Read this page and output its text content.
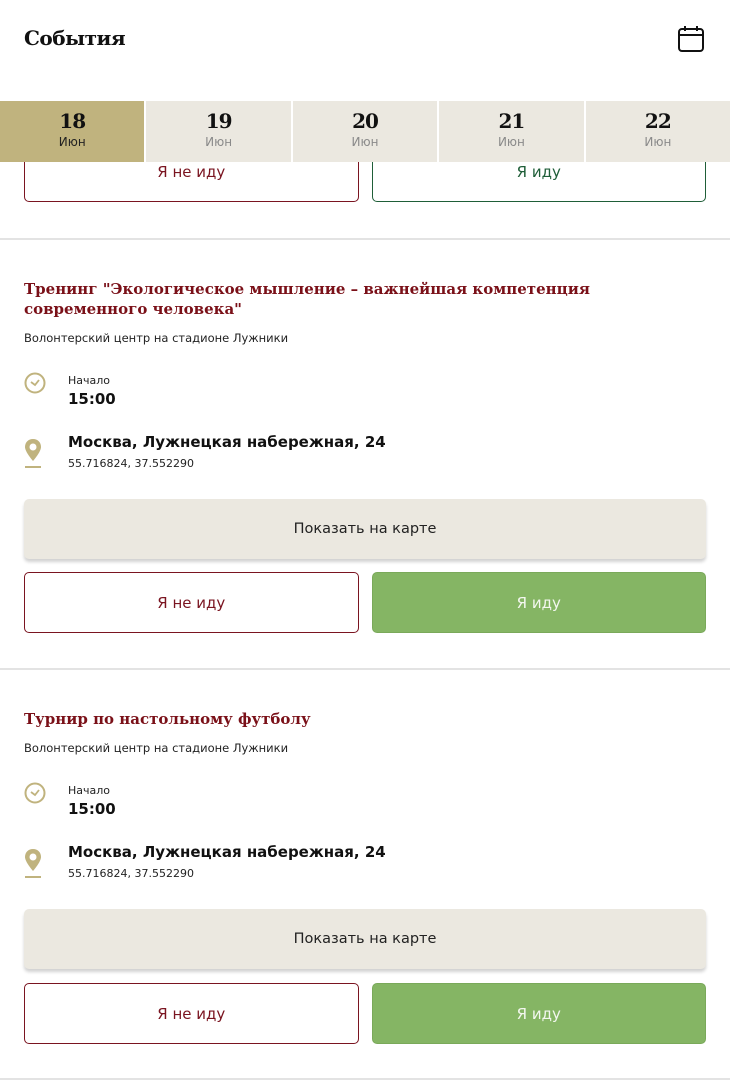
События
18
Июн
19
Июн
20
Июн
21
Июн
22
Июн
Я не иду	Я иду
Тренинг "Экологическое мышление – важнейшая компетенция современного человека"
Волонтерский центр на стадионе Лужники
Начало
15:00
Москва, Лужнецкая набережная, 24
55.716824, 37.552290
Показать на карте
Я не иду	Я иду
Турнир по настольному футболу
Волонтерский центр на стадионе Лужники
Начало
15:00
Москва, Лужнецкая набережная, 24
55.716824, 37.552290
Показать на карте
Я не иду	Я иду
